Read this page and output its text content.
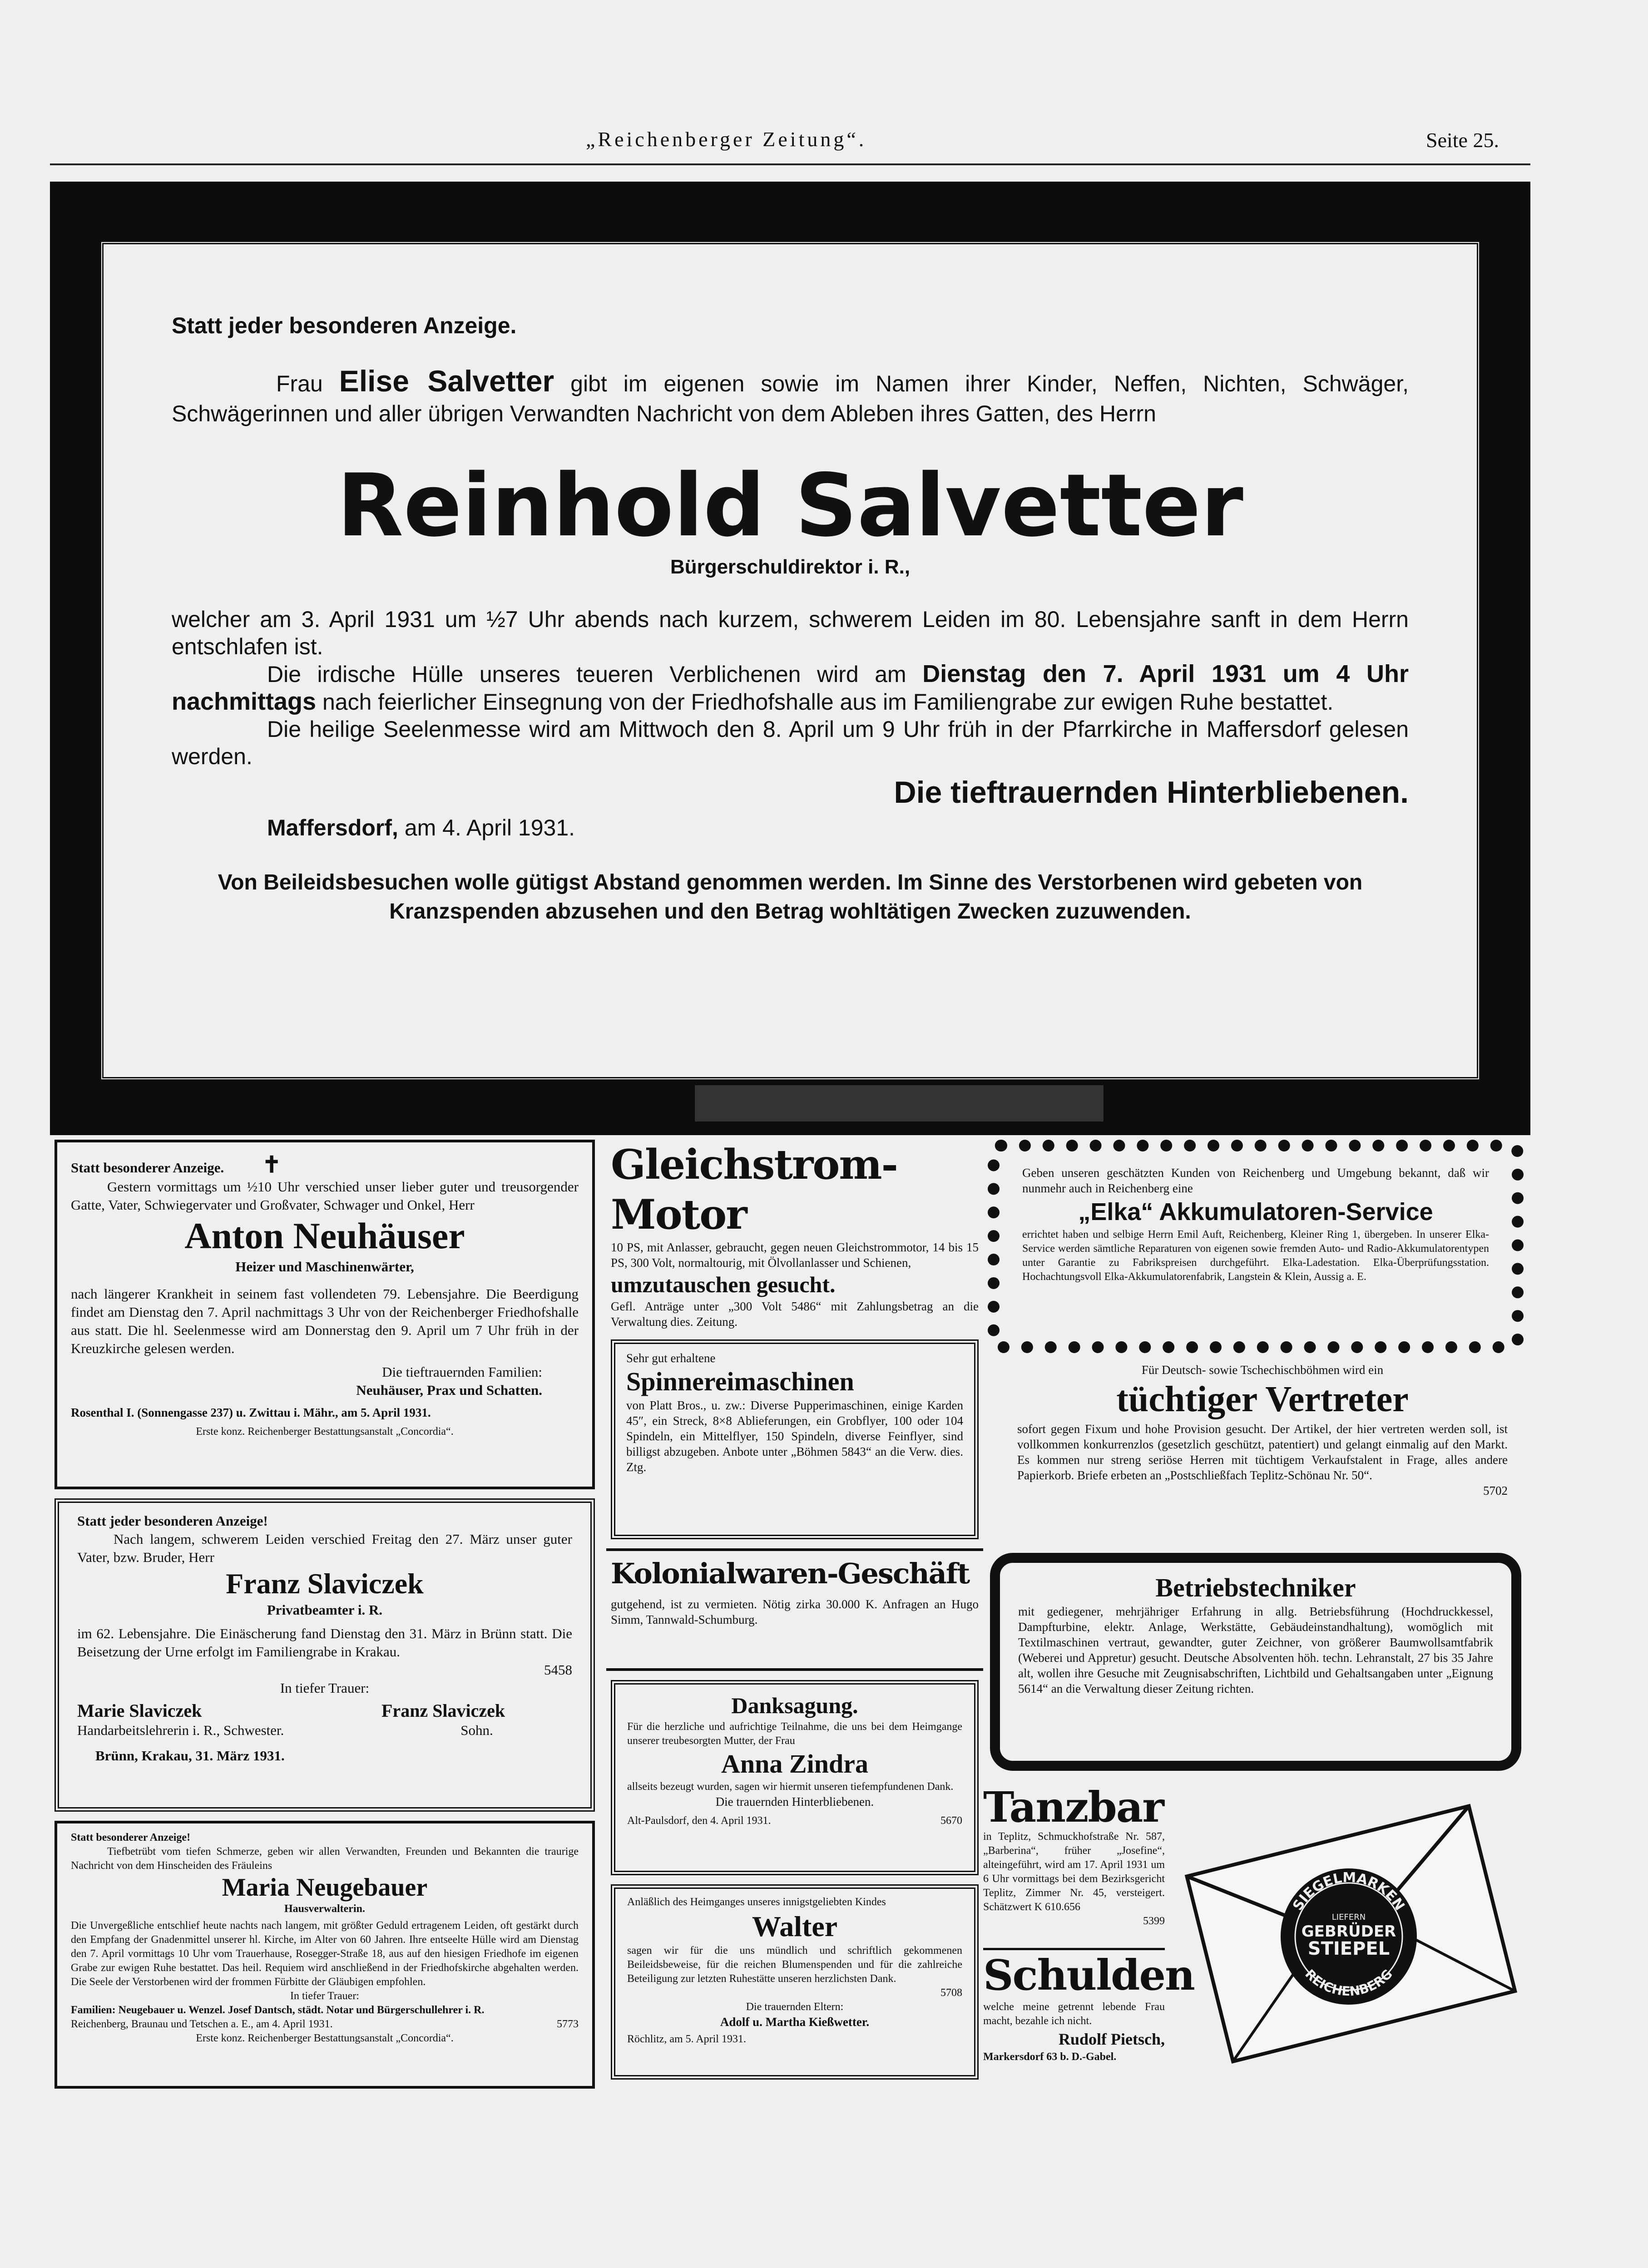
„Reichenberger Zeitung“.	Seite 25.

Statt jeder besonderen Anzeige.

Frau Elise Salvetter gibt im eigenen sowie im Namen ihrer Kinder, Neffen, Nichten, Schwäger, Schwägerinnen und aller übrigen Verwandten Nachricht von dem Ableben ihres Gatten, des Herrn

Reinhold Salvetter

Bürgerschuldirektor i. R.,

welcher am 3. April 1931 um ½7 Uhr abends nach kurzem, schwerem Leiden im 80. Lebensjahre sanft in dem Herrn entschlafen ist.

Die irdische Hülle unseres teueren Verblichenen wird am Dienstag den 7. April 1931 um 4 Uhr nachmittags nach feierlicher Einsegnung von der Friedhofshalle aus im Familiengrabe zur ewigen Ruhe bestattet.

Die heilige Seelenmesse wird am Mittwoch den 8. April um 9 Uhr früh in der Pfarrkirche in Maffersdorf gelesen werden.

Die tieftrauernden Hinterbliebenen.

Maffersdorf, am 4. April 1931.

Von Beileidsbesuchen wolle gütigst Abstand genommen werden. Im Sinne des Verstorbenen wird gebeten von Kranzspenden abzusehen und den Betrag wohltätigen Zwecken zuzuwenden.

Statt besonderer Anzeige. ✝

Gestern vormittags um ½10 Uhr verschied unser lieber guter und treusorgender Gatte, Vater, Schwiegervater und Großvater, Schwager und Onkel, Herr

Anton Neuhäuser

Heizer und Maschinenwärter,

nach längerer Krankheit in seinem fast vollendeten 79. Lebensjahre. Die Beerdigung findet am Dienstag den 7. April nachmittags 3 Uhr von der Reichenberger Friedhofshalle aus statt. Die hl. Seelenmesse wird am Donnerstag den 9. April um 7 Uhr früh in der Kreuzkirche gelesen werden.

Die tieftrauernden Familien:

Neuhäuser, Prax und Schatten.

Rosenthal I. (Sonnengasse 237) u. Zwittau i. Mähr., am 5. April 1931.

Erste konz. Reichenberger Bestattungsanstalt „Concordia“.

Statt jeder besonderen Anzeige!

Nach langem, schwerem Leiden verschied Freitag den 27. März unser guter Vater, bzw. Bruder, Herr

Franz Slaviczek

Privatbeamter i. R.

im 62. Lebensjahre. Die Einäscherung fand Dienstag den 31. März in Brünn statt. Die Beisetzung der Urne erfolgt im Familiengrabe in Krakau.

5458

In tiefer Trauer:

Marie Slaviczek

Handarbeitslehrerin i. R., Schwester.

Franz Slaviczek

Sohn.

Brünn, Krakau, 31. März 1931.

Statt besonderer Anzeige!

Tiefbetrübt vom tiefen Schmerze, geben wir allen Verwandten, Freunden und Bekannten die traurige Nachricht von dem Hinscheiden des Fräuleins

Maria Neugebauer

Hausverwalterin.

Die Unvergeßliche entschlief heute nachts nach langem, mit größter Geduld ertragenem Leiden, oft gestärkt durch den Empfang der Gnadenmittel unserer hl. Kirche, im Alter von 60 Jahren. Ihre entseelte Hülle wird am Dienstag den 7. April vormittags 10 Uhr vom Trauerhause, Rosegger-Straße 18, aus auf den hiesigen Friedhofe im eigenen Grabe zur ewigen Ruhe bestattet. Das heil. Requiem wird anschließend in der Friedhofskirche abgehalten werden. Die Seele der Verstorbenen wird der frommen Fürbitte der Gläubigen empfohlen.

In tiefer Trauer:

Familien: Neugebauer u. Wenzel. Josef Dantsch, städt. Notar und Bürgerschullehrer i. R.

Reichenberg, Braunau und Tetschen a. E., am 4. April 1931.	5773

Erste konz. Reichenberger Bestattungsanstalt „Concordia“.

Gleichstrom-Motor

10 PS, mit Anlasser, gebraucht, gegen neuen Gleichstrommotor, 14 bis 15 PS, 300 Volt, normaltourig, mit Ölvollanlasser und Schienen,

umzutauschen gesucht.

Gefl. Anträge unter „300 Volt 5486“ mit Zahlungsbetrag an die Verwaltung dies. Zeitung.

Sehr gut erhaltene

Spinnereimaschinen

von Platt Bros., u. zw.: Diverse Pupperimaschinen, einige Karden 45″, ein Streck, 8×8 Ablieferungen, ein Grobflyer, 100 oder 104 Spindeln, ein Mittelflyer, 150 Spindeln, diverse Feinflyer, sind billigst abzugeben. Anbote unter „Böhmen 5843“ an die Verw. dies. Ztg.

Kolonialwaren-Geschäft

gutgehend, ist zu vermieten. Nötig zirka 30.000 K. Anfragen an Hugo Simm, Tannwald-Schumburg.

Danksagung.

Für die herzliche und aufrichtige Teilnahme, die uns bei dem Heimgange unserer treubesorgten Mutter, der Frau

Anna Zindra

allseits bezeugt wurden, sagen wir hiermit unseren tiefempfundenen Dank.

Die trauernden Hinterbliebenen.

Alt-Paulsdorf, den 4. April 1931.	5670

Anläßlich des Heimganges unseres innigstgeliebten Kindes

Walter

sagen wir für die uns mündlich und schriftlich gekommenen Beileidsbeweise, für die reichen Blumenspenden und für die zahlreiche Beteiligung zur letzten Ruhestätte unseren herzlichsten Dank.

5708

Die trauernden Eltern:

Adolf u. Martha Kießwetter.

Röchlitz, am 5. April 1931.

Geben unseren geschätzten Kunden von Reichenberg und Umgebung bekannt, daß wir nunmehr auch in Reichenberg eine

„Elka“ Akkumulatoren-Service

errichtet haben und selbige Herrn Emil Auft, Reichenberg, Kleiner Ring 1, übergeben. In unserer Elka-Service werden sämtliche Reparaturen von eigenen sowie fremden Auto- und Radio-Akkumulatorentypen unter Garantie zu Fabrikspreisen durchgeführt. Elka-Ladestation. Elka-Überprüfungsstation. Hochachtungsvoll Elka-Akkumulatorenfabrik, Langstein & Klein, Aussig a. E.

Für Deutsch- sowie Tschechischböhmen wird ein

tüchtiger Vertreter

sofort gegen Fixum und hohe Provision gesucht. Der Artikel, der hier vertreten werden soll, ist vollkommen konkurrenzlos (gesetzlich geschützt, patentiert) und gelangt einmalig auf den Markt. Es kommen nur streng seriöse Herren mit tüchtigem Verkaufstalent in Frage, alles andere Papierkorb. Briefe erbeten an „Postschließfach Teplitz-Schönau Nr. 50“.

5702

Betriebstechniker

mit gediegener, mehrjähriger Erfahrung in allg. Betriebsführung (Hochdruckkessel, Dampfturbine, elektr. Anlage, Werkstätte, Gebäudeinstandhaltung), womöglich mit Textilmaschinen vertraut, gewandter, guter Zeichner, von größerer Baumwollsamtfabrik (Weberei und Appretur) gesucht. Deutsche Absolventen höh. techn. Lehranstalt, 27 bis 35 Jahre alt, wollen ihre Gesuche mit Zeugnisabschriften, Lichtbild und Gehaltsangaben unter „Eignung 5614“ an die Verwaltung dieser Zeitung richten.

Tanzbar

in Teplitz, Schmuckhofstraße Nr. 587, „Barberina“, früher „Josefine“, alteingeführt, wird am 17. April 1931 um 6 Uhr vormittags bei dem Bezirksgericht Teplitz, Zimmer Nr. 45, versteigert. Schätzwert K 610.656

5399

Schulden

welche meine getrennt lebende Frau macht, bezahle ich nicht.

Rudolf Pietsch,

Markersdorf 63 b. D.-Gabel.

SIEGELMARKEN
REICHENBERG
LIEFERN
GEBRÜDER
STIEPEL
